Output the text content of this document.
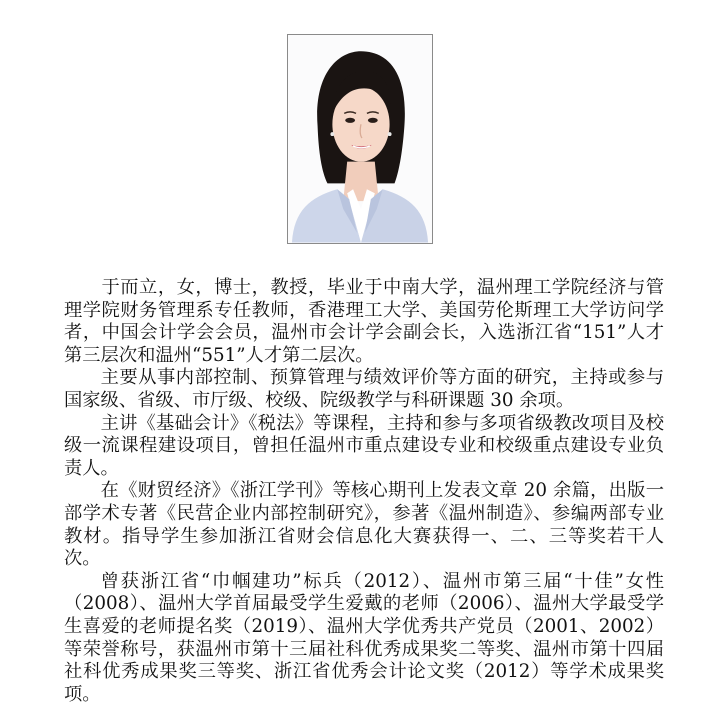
　　于而立，女，博士，教授，毕业于中南大学，温州理工学院经济与管理学院财务管理系专任教师，香港理工大学、美国劳伦斯理工大学访问学者，中国会计学会会员，温州市会计学会副会长，入选浙江省“151”人才第三层次和温州“551”人才第二层次。

主要从事内部控制、预算管理与绩效评价等方面的研究，主持或参与国家级、省级、市厅级、校级、院级教学与科研课题 30 余项。

主讲《基础会计》《税法》等课程，主持和参与多项省级教改项目及校级一流课程建设项目，曾担任温州市重点建设专业和校级重点建设专业负责人。

在《财贸经济》《浙江学刊》等核心期刊上发表文章 20 余篇，出版一部学术专著《民营企业内部控制研究》，参著《温州制造》、参编两部专业教材。指导学生参加浙江省财会信息化大赛获得一、二、三等奖若干人次。

曾获浙江省“巾帼建功”标兵（2012）、温州市第三届“十佳”女性（2008）、温州大学首届最受学生爱戴的老师（2006）、温州大学最受学生喜爱的老师提名奖（2019）、温州大学优秀共产党员（2001、2002）等荣誉称号，获温州市第十三届社科优秀成果奖二等奖、温州市第十四届社科优秀成果奖三等奖、浙江省优秀会计论文奖（2012）等学术成果奖项。
